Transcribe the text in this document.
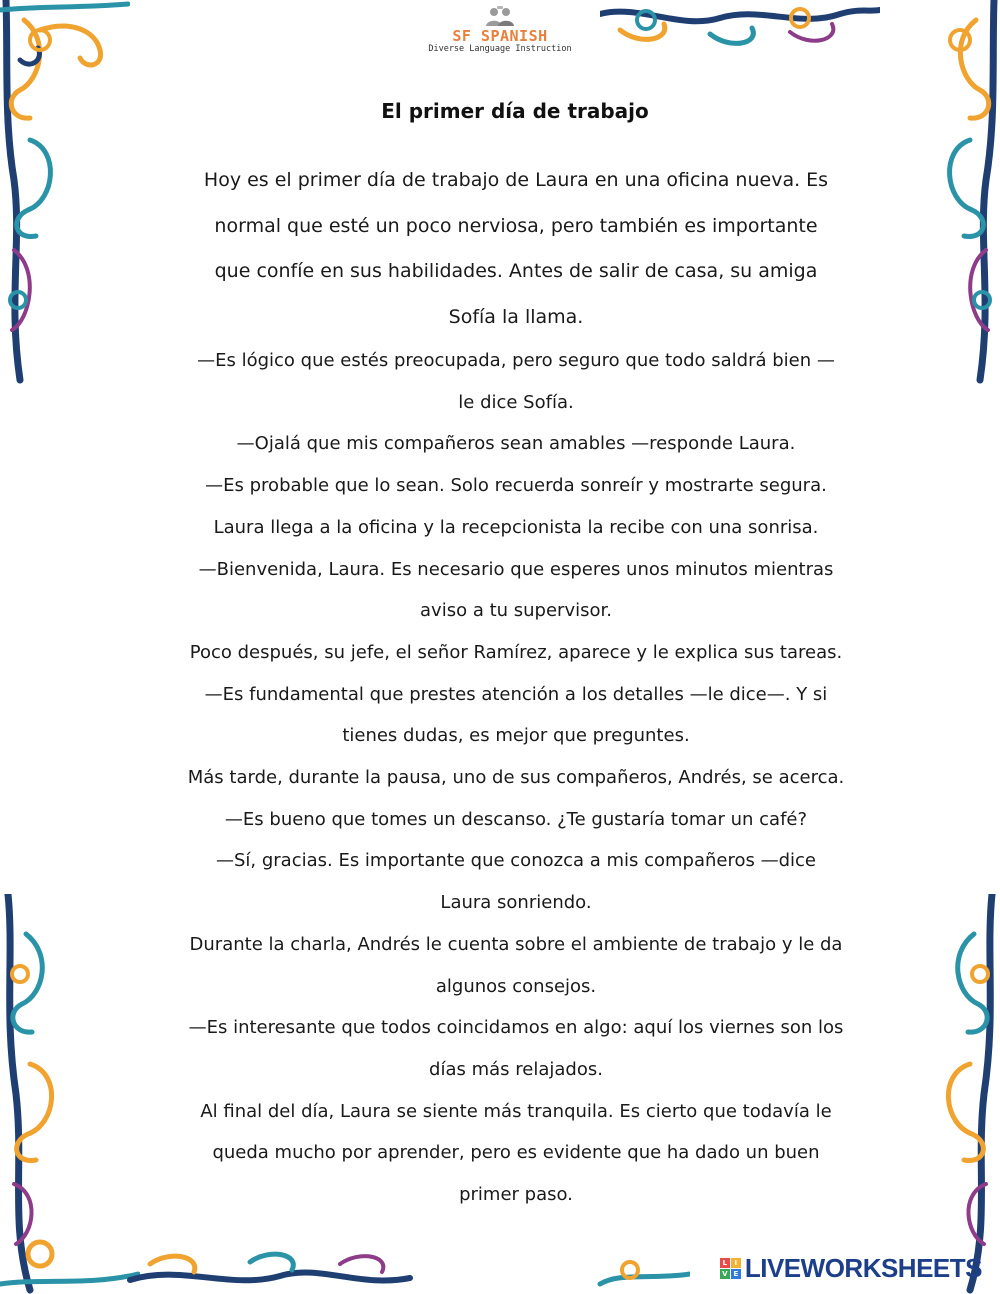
SF SPANISH
Diverse Language Instruction
El primer día de trabajo

Hoy es el primer día de trabajo de Laura en una oficina nueva. Es

normal que esté un poco nerviosa, pero también es importante

que confíe en sus habilidades. Antes de salir de casa, su amiga

Sofía la llama.

—Es lógico que estés preocupada, pero seguro que todo saldrá bien —

le dice Sofía.

—Ojalá que mis compañeros sean amables —responde Laura.

—Es probable que lo sean. Solo recuerda sonreír y mostrarte segura.

Laura llega a la oficina y la recepcionista la recibe con una sonrisa.

—Bienvenida, Laura. Es necesario que esperes unos minutos mientras

aviso a tu supervisor.

Poco después, su jefe, el señor Ramírez, aparece y le explica sus tareas.

—Es fundamental que prestes atención a los detalles —le dice—. Y si

tienes dudas, es mejor que preguntes.

Más tarde, durante la pausa, uno de sus compañeros, Andrés, se acerca.

—Es bueno que tomes un descanso. ¿Te gustaría tomar un café?

—Sí, gracias. Es importante que conozca a mis compañeros —dice

Laura sonriendo.

Durante la charla, Andrés le cuenta sobre el ambiente de trabajo y le da

algunos consejos.

—Es interesante que todos coincidamos en algo: aquí los viernes son los

días más relajados.

Al final del día, Laura se siente más tranquila. Es cierto que todavía le

queda mucho por aprender, pero es evidente que ha dado un buen

primer paso.

L	I
V E LIVEWORKSHEETS
